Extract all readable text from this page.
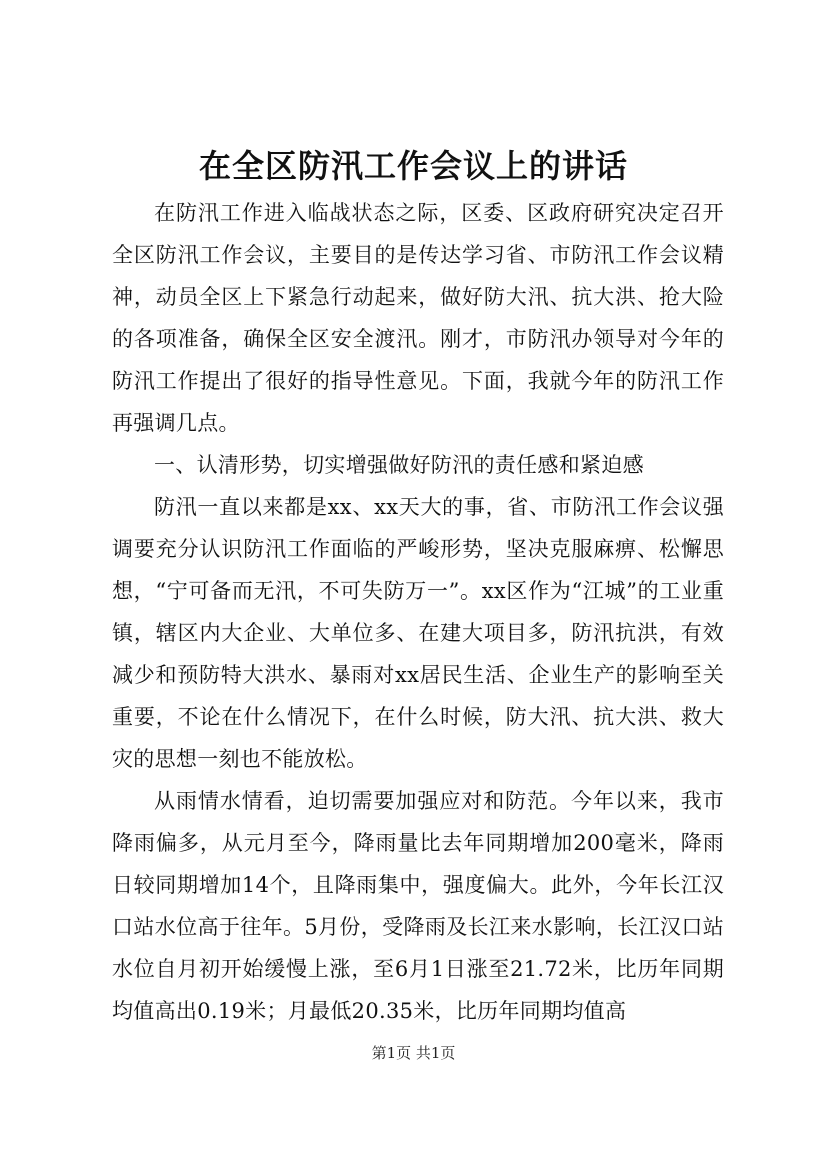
在全区防汛工作会议上的讲话

在防汛工作进入临战状态之际，区委、区政府研究决定召开全区防汛工作会议，主要目的是传达学习省、市防汛工作会议精神，动员全区上下紧急行动起来，做好防大汛、抗大洪、抢大险的各项准备，确保全区安全渡汛。刚才，市防汛办领导对今年的防汛工作提出了很好的指导性意见。下面，我就今年的防汛工作再强调几点。

一、认清形势，切实增强做好防汛的责任感和紧迫感

防汛一直以来都是xx、xx天大的事，省、市防汛工作会议强调要充分认识防汛工作面临的严峻形势，坚决克服麻痹、松懈思想，“宁可备而无汛，不可失防万一”。xx区作为“江城”的工业重镇，辖区内大企业、大单位多、在建大项目多，防汛抗洪，有效减少和预防特大洪水、暴雨对xx居民生活、企业生产的影响至关重要，不论在什么情况下，在什么时候，防大汛、抗大洪、救大灾的思想一刻也不能放松。

从雨情水情看，迫切需要加强应对和防范。今年以来，我市降雨偏多，从元月至今，降雨量比去年同期增加200毫米，降雨日较同期增加14个，且降雨集中，强度偏大。此外，今年长江汉口站水位高于往年。5月份，受降雨及长江来水影响，长江汉口站水位自月初开始缓慢上涨，至6月1日涨至21.72米，比历年同期均值高出0.19米；月最低20.35米，比历年同期均值高

第1页 共1页
